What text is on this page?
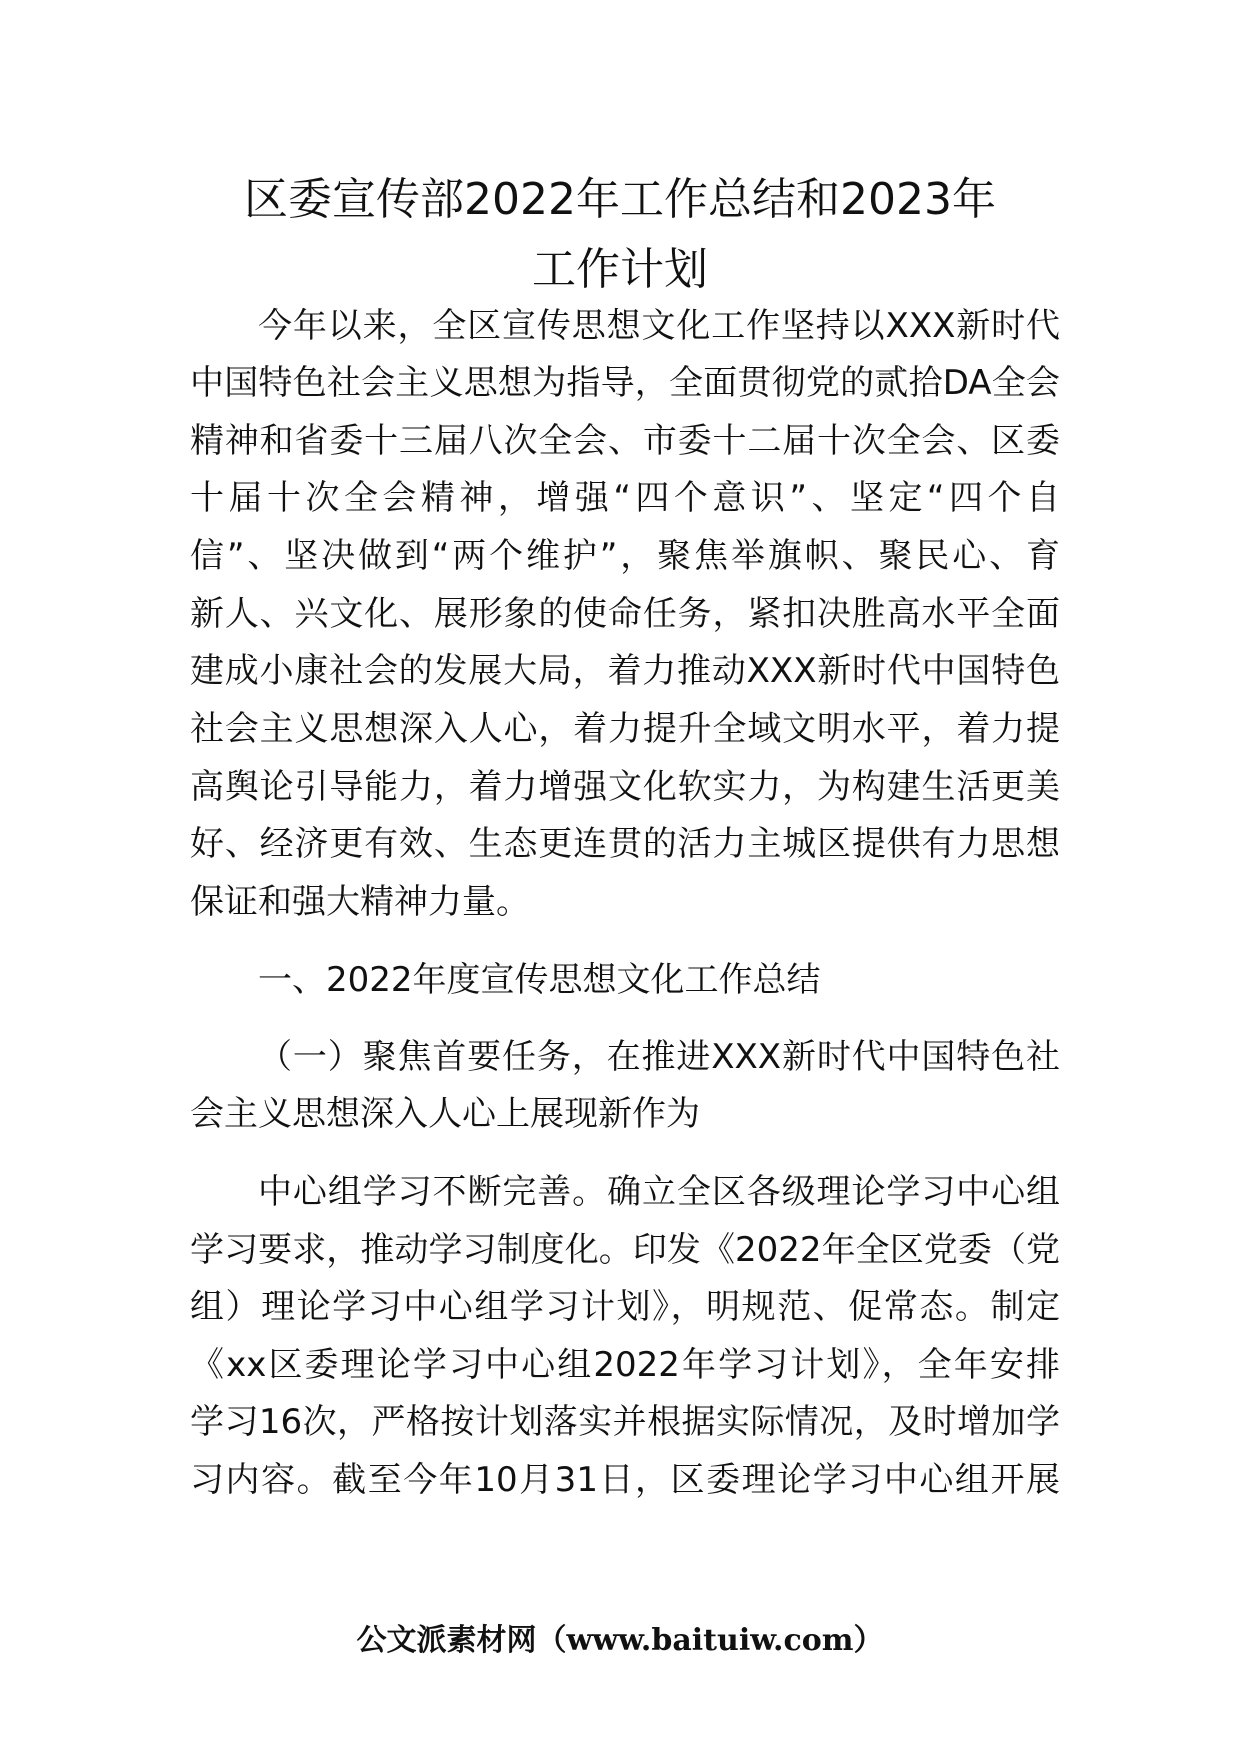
区委宣传部2022年工作总结和2023年
工作计划
今年以来，全区宣传思想文化工作坚持以XXX新时代
中国特色社会主义思想为指导，全面贯彻党的贰拾DA全会
精神和省委十三届八次全会、市委十二届十次全会、区委
十届十次全会精神，增强“四个意识”、坚定“四个自
信”、坚决做到“两个维护”，聚焦举旗帜、聚民心、育
新人、兴文化、展形象的使命任务，紧扣决胜高水平全面
建成小康社会的发展大局，着力推动XXX新时代中国特色
社会主义思想深入人心，着力提升全域文明水平，着力提
高舆论引导能力，着力增强文化软实力，为构建生活更美
好、经济更有效、生态更连贯的活力主城区提供有力思想
保证和强大精神力量。
一、2022年度宣传思想文化工作总结
（一）聚焦首要任务，在推进XXX新时代中国特色社
会主义思想深入人心上展现新作为
中心组学习不断完善。确立全区各级理论学习中心组
学习要求，推动学习制度化。印发《2022年全区党委（党
组）理论学习中心组学习计划》，明规范、促常态。制定
《xx区委理论学习中心组2022年学习计划》，全年安排
学习16次，严格按计划落实并根据实际情况，及时增加学
习内容。截至今年10月31日，区委理论学习中心组开展
公文派素材网（www.baituiw.com）
